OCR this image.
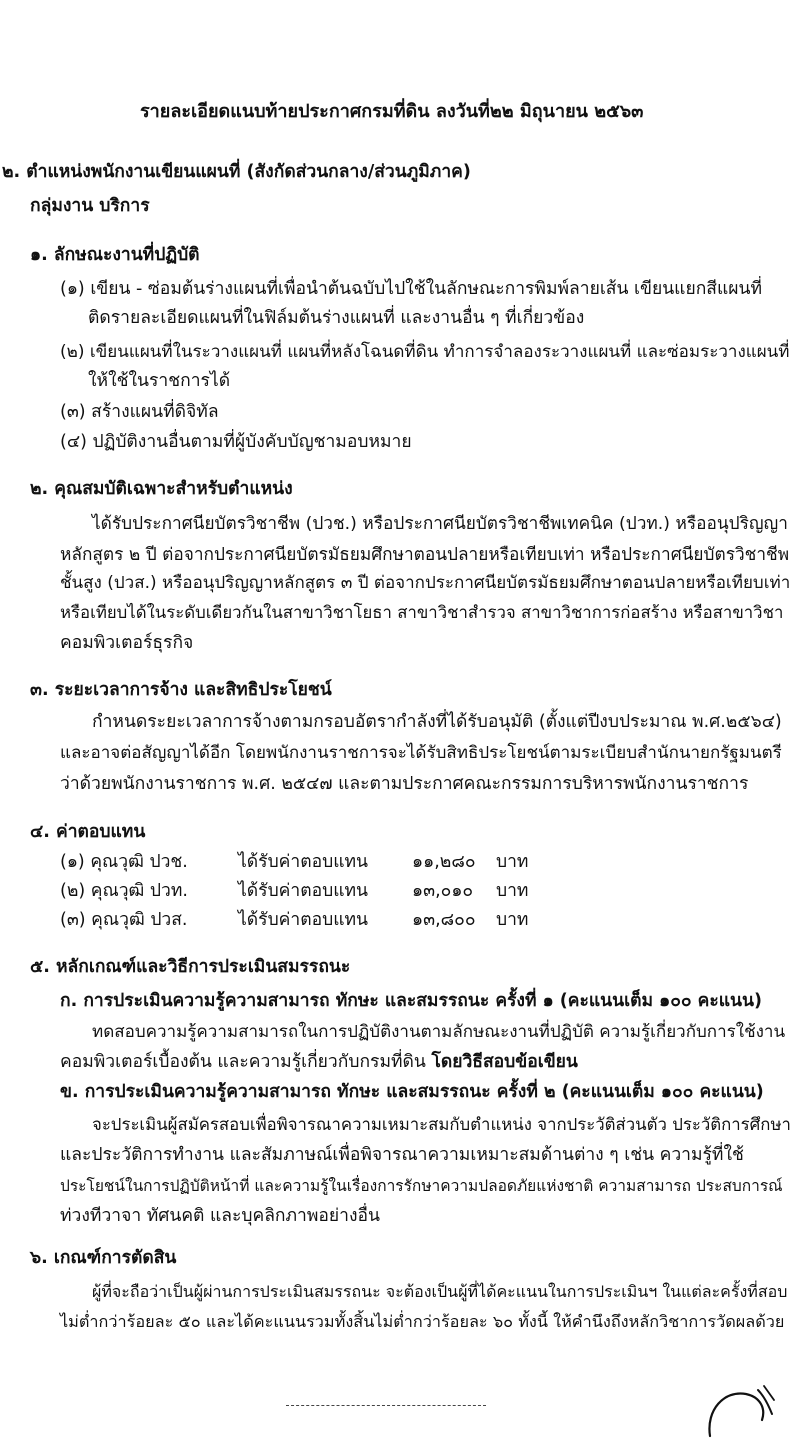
รายละเอียดแนบท้ายประกาศกรมที่ดิน ลงวันที่๒๒ มิถุนายน ๒๕๖๓
๒. ตำแหน่งพนักงานเขียนแผนที่ (สังกัดส่วนกลาง/ส่วนภูมิภาค)
กลุ่มงาน บริการ
๑. ลักษณะงานที่ปฏิบัติ
(๑) เขียน - ซ่อมต้นร่างแผนที่เพื่อนำต้นฉบับไปใช้ในลักษณะการพิมพ์ลายเส้น เขียนแยกสีแผนที่
ติดรายละเอียดแผนที่ในฟิล์มต้นร่างแผนที่ และงานอื่น ๆ ที่เกี่ยวข้อง
(๒) เขียนแผนที่ในระวางแผนที่ แผนที่หลังโฉนดที่ดิน ทำการจำลองระวางแผนที่ และซ่อมระวางแผนที่
ให้ใช้ในราชการได้
(๓) สร้างแผนที่ดิจิทัล
(๔) ปฏิบัติงานอื่นตามที่ผู้บังคับบัญชามอบหมาย
๒. คุณสมบัติเฉพาะสำหรับตำแหน่ง
ได้รับประกาศนียบัตรวิชาชีพ (ปวช.) หรือประกาศนียบัตรวิชาชีพเทคนิค (ปวท.) หรืออนุปริญญา
หลักสูตร ๒ ปี ต่อจากประกาศนียบัตรมัธยมศึกษาตอนปลายหรือเทียบเท่า หรือประกาศนียบัตรวิชาชีพ
ชั้นสูง (ปวส.) หรืออนุปริญญาหลักสูตร ๓ ปี ต่อจากประกาศนียบัตรมัธยมศึกษาตอนปลายหรือเทียบเท่า
หรือเทียบได้ในระดับเดียวกันในสาขาวิชาโยธา สาขาวิชาสำรวจ สาขาวิชาการก่อสร้าง หรือสาขาวิชา
คอมพิวเตอร์ธุรกิจ
๓. ระยะเวลาการจ้าง และสิทธิประโยชน์
กำหนดระยะเวลาการจ้างตามกรอบอัตรากำลังที่ได้รับอนุมัติ (ตั้งแต่ปีงบประมาณ พ.ศ.๒๕๖๔)
และอาจต่อสัญญาได้อีก โดยพนักงานราชการจะได้รับสิทธิประโยชน์ตามระเบียบสำนักนายกรัฐมนตรี
ว่าด้วยพนักงานราชการ พ.ศ. ๒๕๔๗ และตามประกาศคณะกรรมการบริหารพนักงานราชการ
๔. ค่าตอบแทน
(๑) คุณวุฒิ ปวช.	ได้รับค่าตอบแทน	๑๑,๒๘๐ บาท
(๒) คุณวุฒิ ปวท.	ได้รับค่าตอบแทน	๑๓,๐๑๐ บาท
(๓) คุณวุฒิ ปวส.	ได้รับค่าตอบแทน	๑๓,๘๐๐ บาท
๕. หลักเกณฑ์และวิธีการประเมินสมรรถนะ
ก. การประเมินความรู้ความสามารถ ทักษะ และสมรรถนะ ครั้งที่ ๑ (คะแนนเต็ม ๑๐๐ คะแนน)
ทดสอบความรู้ความสามารถในการปฏิบัติงานตามลักษณะงานที่ปฏิบัติ ความรู้เกี่ยวกับการใช้งาน
คอมพิวเตอร์เบื้องต้น และความรู้เกี่ยวกับกรมที่ดิน โดยวิธีสอบข้อเขียน
ข. การประเมินความรู้ความสามารถ ทักษะ และสมรรถนะ ครั้งที่ ๒ (คะแนนเต็ม ๑๐๐ คะแนน)
จะประเมินผู้สมัครสอบเพื่อพิจารณาความเหมาะสมกับตำแหน่ง จากประวัติส่วนตัว ประวัติการศึกษา
และประวัติการทำงาน และสัมภาษณ์เพื่อพิจารณาความเหมาะสมด้านต่าง ๆ เช่น ความรู้ที่ใช้
ประโยชน์ในการปฏิบัติหน้าที่ และความรู้ในเรื่องการรักษาความปลอดภัยแห่งชาติ ความสามารถ ประสบการณ์
ท่วงทีวาจา ทัศนคติ และบุคลิกภาพอย่างอื่น
๖. เกณฑ์การตัดสิน
ผู้ที่จะถือว่าเป็นผู้ผ่านการประเมินสมรรถนะ จะต้องเป็นผู้ที่ได้คะแนนในการประเมินฯ ในแต่ละครั้งที่สอบ
ไม่ต่ำกว่าร้อยละ ๕๐ และได้คะแนนรวมทั้งสิ้นไม่ต่ำกว่าร้อยละ ๖๐ ทั้งนี้ ให้คำนึงถึงหลักวิชาการวัดผลด้วย
